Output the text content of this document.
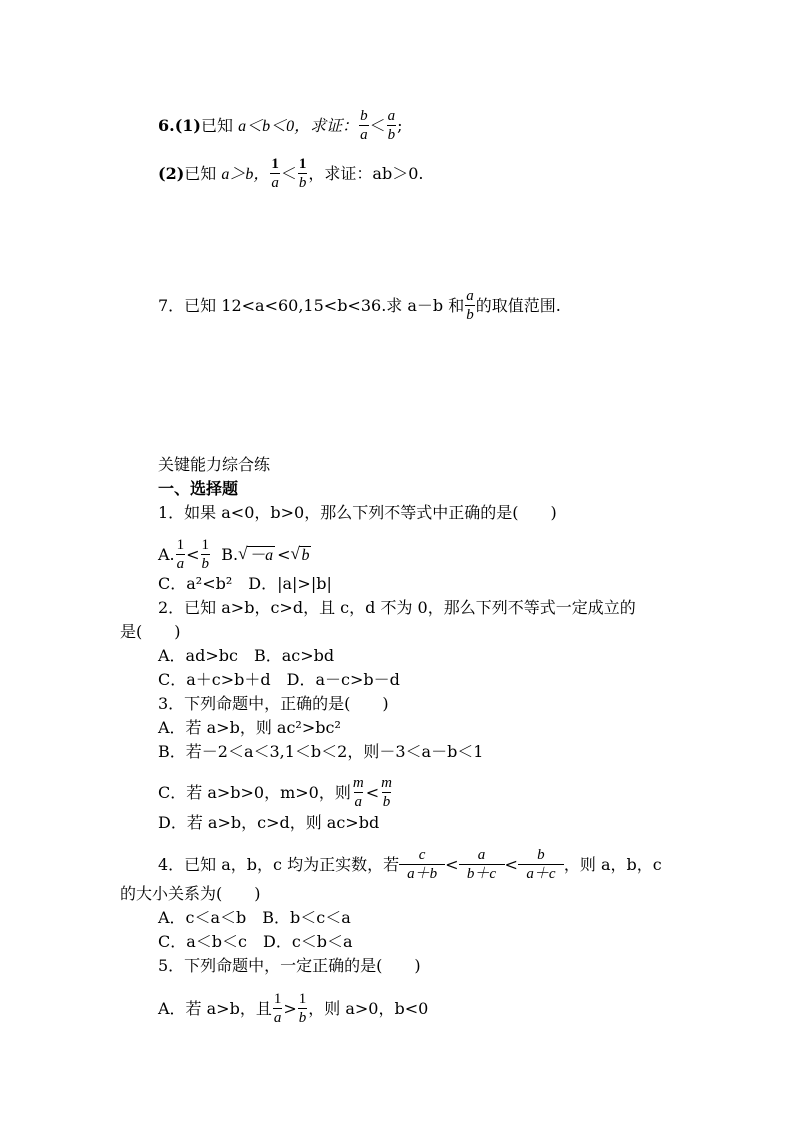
6.(1)已知 a＜b＜0，求证： $\frac{b}{a} < \frac{a}{b}$ ;
(2)已知 a＞b， $\frac{1}{a} < \frac{1}{b}$ ，求证：ab＞0.
7．已知 12<a<60,15<b<36.求 a－b 和 $\frac{a}{b}$ 的取值范围.
关键能力综合练
一、选择题
1．如果 a<0，b>0，那么下列不等式中正确的是(　　)
A. $\frac{1}{a} < \frac{1}{b} B$. √ －a < √ b
C．a²<b²　D．|a|>|b|
2．已知 a>b，c>d，且 c，d 不为 0，那么下列不等式一定成立的
是(　　)
A．ad>bc　B．ac>bd
C．a＋c>b＋d　D．a－c>b－d
3．下列命题中，正确的是(　　)
A．若 a>b，则 ac²>bc²
B．若－2＜a＜3,1＜b＜2，则－3＜a－b＜1
C．若 a>b>0，m>0，则 $\frac{m}{a} < \frac{m}{b}$
D．若 a>b，c>d，则 ac>bd
4．已知 a，b，c 均为正实数，若 $\frac{c}{a+b} < \frac{a}{b+c} < \frac{b}{a+c}$ ，则 a，b，c
的大小关系为(　　)
A．c＜a＜b　B．b＜c＜a
C．a＜b＜c　D．c＜b＜a
5．下列命题中，一定正确的是(　　)
A．若 a>b，且 $\frac{1}{a} > \frac{1}{b}$ ，则 a>0，b<0
